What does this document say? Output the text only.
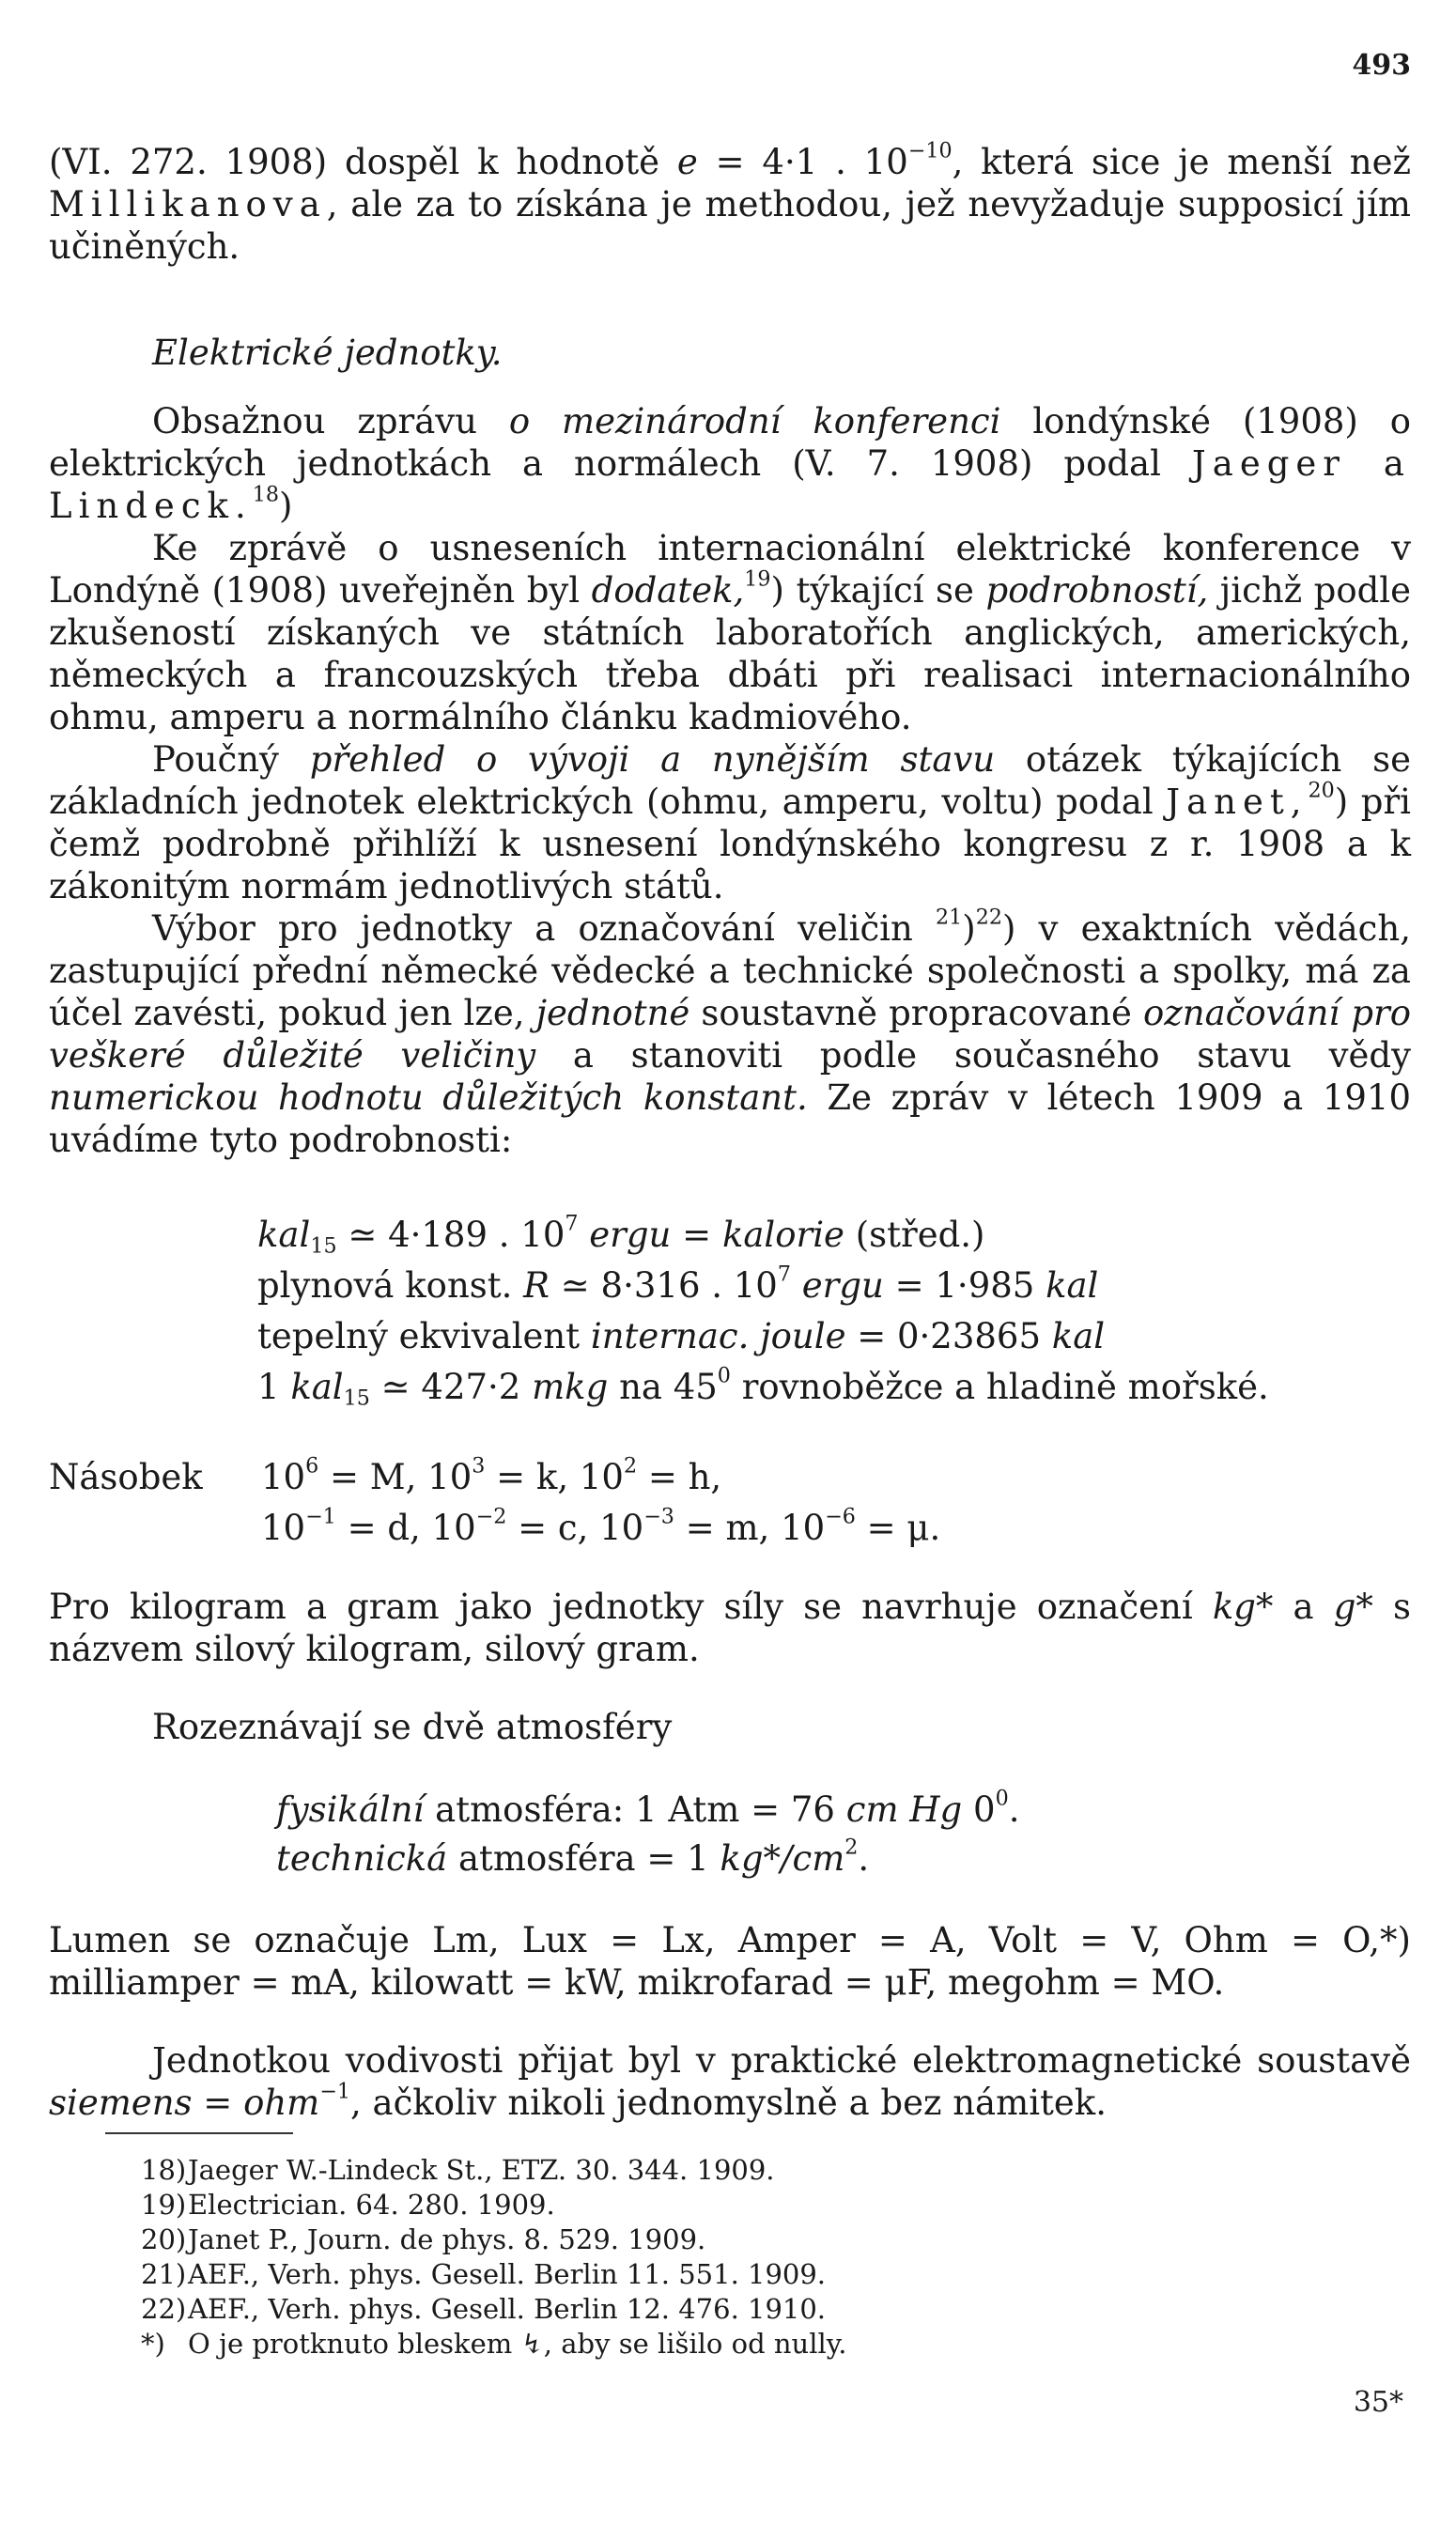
493

(VI. 272. 1908) dospěl k hodnotě e = 4·1 . $10^{-10}$, která sice je menší než Millikanova, ale za to získána je methodou, jež nevyžaduje supposicí jím učiněných.

Elektrické jednotky.

Obsažnou zprávu o mezinárodní konferenci londýnské (1908) o elektrických jednotkách a normálech (V. 7. 1908) podal Jaeger a Lindeck.$^{18}$)

Ke zprávě o usneseních internacionální elektrické konference v Londýně (1908) uveřejněn byl dodatek,$^{19}$) týkající se podrobností, jichž podle zkušeností získaných ve státních laboratořích anglických, amerických, německých a francouzských třeba dbáti při realisaci internacionálního ohmu, amperu a normálního článku kadmiového.

Poučný přehled o vývoji a nynějším stavu otázek týkajících se základních jednotek elektrických (ohmu, amperu, voltu) podal Janet,$^{20}$) při čemž podrobně přihlíží k usnesení londýnského kongresu z r. 1908 a k zákonitým normám jednotlivých států.

Výbor pro jednotky a označování veličin $^{21}$)$^{22}$) v exaktních vědách, zastupující přední německé vědecké a technické společnosti a spolky, má za účel zavésti, pokud jen lze, jednotné soustavně propracované označování pro veškeré důležité veličiny a stanoviti podle současného stavu vědy numerickou hodnotu důležitých konstant. Ze zpráv v létech 1909 a 1910 uvádíme tyto podrobnosti:

kal$_{15}$ ≃ 4·189 . $10^7$ ergu = kalorie (střed.)
plynová konst. R ≃ 8·316 . $10^7$ ergu = 1·985 kal
tepelný ekvivalent internac. joule = 0·23865 kal
1 kal$_{15}$ ≃ 427·2 mkg na $45^0$ rovnoběžce a hladině mořské.
Násobek $10^6 = M$, $10^3 = k$, $10^2 = h$,
$10^{-1} = d$, $10^{-2} = c$, $10^{-3} = m$, $10^{-6} = \mu$.

Pro kilogram a gram jako jednotky síly se navrhuje označení kg* a g* s názvem silový kilogram, silový gram.

Rozeznávají se dvě atmosféry

fysikální atmosféra: 1 Atm = 76 cm Hg $0^0$.
technická atmosféra = 1 $kg*/cm^2$.

Lumen se označuje Lm, Lux = Lx, Amper = A, Volt = V, Ohm = O,*) milliamper = mA, kilowatt = kW, mikrofarad = μF, megohm = MO.

Jednotkou vodivosti přijat byl v praktické elektromagnetické soustavě siemens = ohm$^{-1}$, ačkoliv nikoli jednomyslně a bez námitek.

18)Jaeger W.-Lindeck St., ETZ. 30. 344. 1909.
19)Electrician. 64. 280. 1909.
20)Janet P., Journ. de phys. 8. 529. 1909.
21)AEF., Verh. phys. Gesell. Berlin 11. 551. 1909.
22)AEF., Verh. phys. Gesell. Berlin 12. 476. 1910.
*) O je protknuto bleskem ↯, aby se lišilo od nully.
35*
